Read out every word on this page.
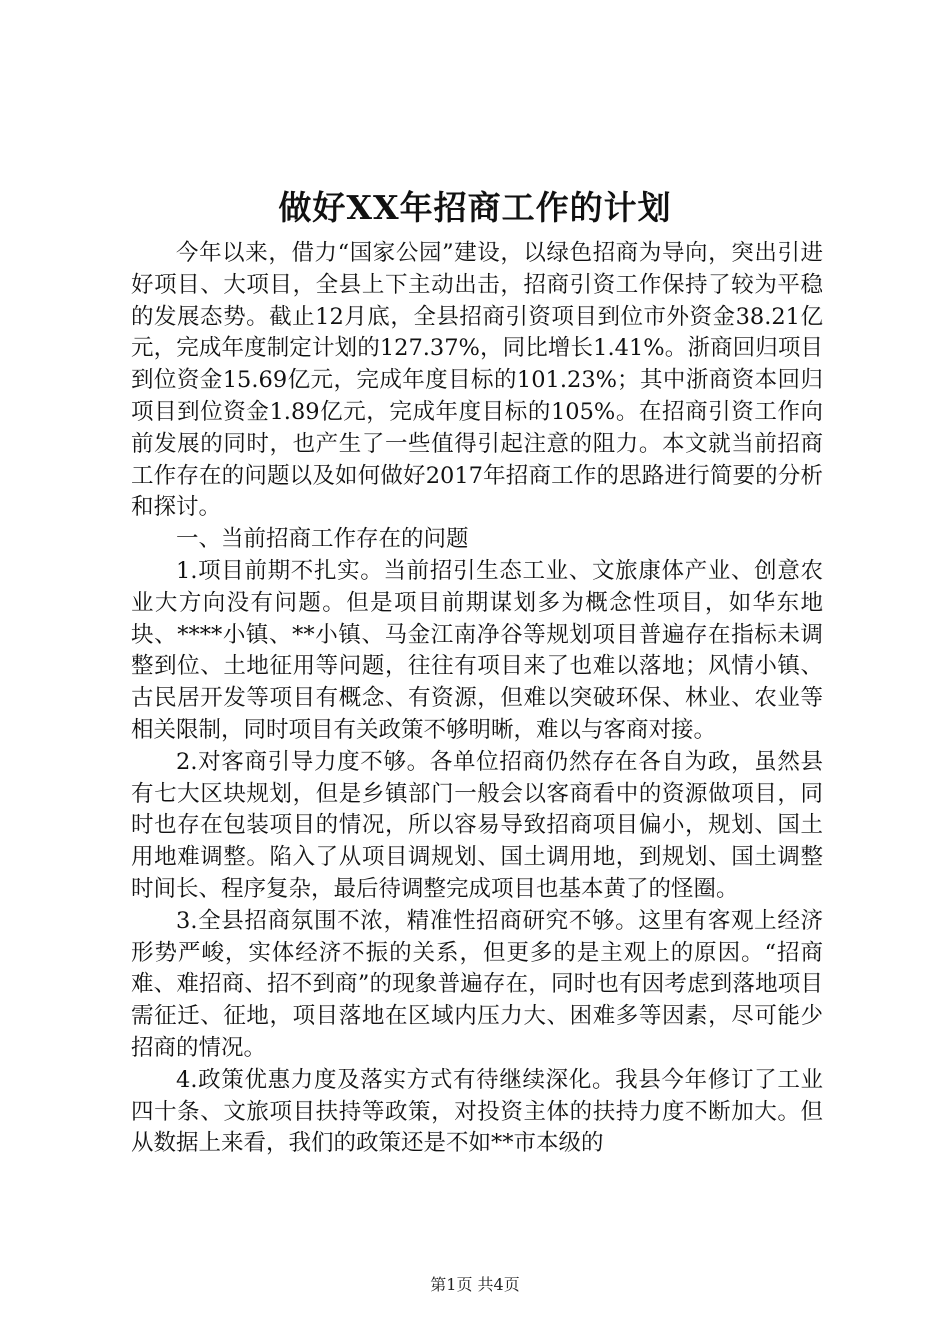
做好XX年招商工作的计划

今年以来，借力“国家公园”建设，以绿色招商为导向，突出引进好项目、大项目，全县上下主动出击，招商引资工作保持了较为平稳的发展态势。截止12月底，全县招商引资项目到位市外资金38.21亿元，完成年度制定计划的127.37%，同比增长1.41%。浙商回归项目到位资金15.69亿元，完成年度目标的101.23%；其中浙商资本回归项目到位资金1.89亿元，完成年度目标的105%。在招商引资工作向前发展的同时，也产生了一些值得引起注意的阻力。本文就当前招商工作存在的问题以及如何做好2017年招商工作的思路进行简要的分析和探讨。

一、当前招商工作存在的问题

1.项目前期不扎实。当前招引生态工业、文旅康体产业、创意农业大方向没有问题。但是项目前期谋划多为概念性项目，如华东地块、****小镇、**小镇、马金江南净谷等规划项目普遍存在指标未调整到位、土地征用等问题，往往有项目来了也难以落地；风情小镇、古民居开发等项目有概念、有资源，但难以突破环保、林业、农业等相关限制，同时项目有关政策不够明晰，难以与客商对接。

2.对客商引导力度不够。各单位招商仍然存在各自为政，虽然县有七大区块规划，但是乡镇部门一般会以客商看中的资源做项目，同时也存在包装项目的情况，所以容易导致招商项目偏小，规划、国土用地难调整。陷入了从项目调规划、国土调用地，到规划、国土调整时间长、程序复杂，最后待调整完成项目也基本黄了的怪圈。

3.全县招商氛围不浓，精准性招商研究不够。这里有客观上经济形势严峻，实体经济不振的关系，但更多的是主观上的原因。“招商难、难招商、招不到商”的现象普遍存在，同时也有因考虑到落地项目需征迁、征地，项目落地在区域内压力大、困难多等因素，尽可能少招商的情况。

4.政策优惠力度及落实方式有待继续深化。我县今年修订了工业四十条、文旅项目扶持等政策，对投资主体的扶持力度不断加大。但从数据上来看，我们的政策还是不如**市本级的

第1页 共4页
